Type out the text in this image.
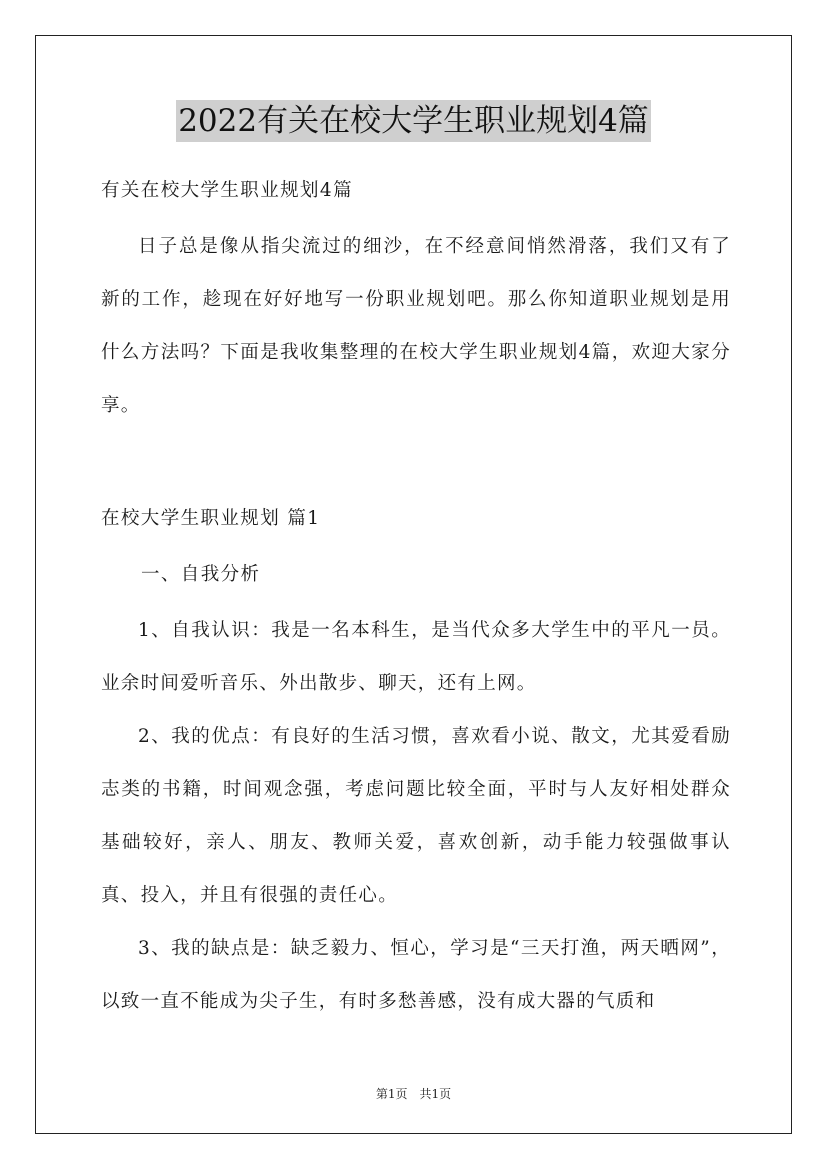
2022有关在校大学生职业规划4篇
有关在校大学生职业规划4篇

日子总是像从指尖流过的细沙，在不经意间悄然滑落，我们又有了新的工作，趁现在好好地写一份职业规划吧。那么你知道职业规划是用什么方法吗？下面是我收集整理的在校大学生职业规划4篇，欢迎大家分享。

在校大学生职业规划 篇1
一、自我分析

1、自我认识：我是一名本科生，是当代众多大学生中的平凡一员。业余时间爱听音乐、外出散步、聊天，还有上网。

2、我的优点：有良好的生活习惯，喜欢看小说、散文，尤其爱看励志类的书籍，时间观念强，考虑问题比较全面，平时与人友好相处群众基础较好，亲人、朋友、教师关爱，喜欢创新，动手能力较强做事认真、投入，并且有很强的责任心。

3、我的缺点是：缺乏毅力、恒心，学习是“三天打渔，两天晒网”，以致一直不能成为尖子生，有时多愁善感，没有成大器的气质和

第1页　共1页
